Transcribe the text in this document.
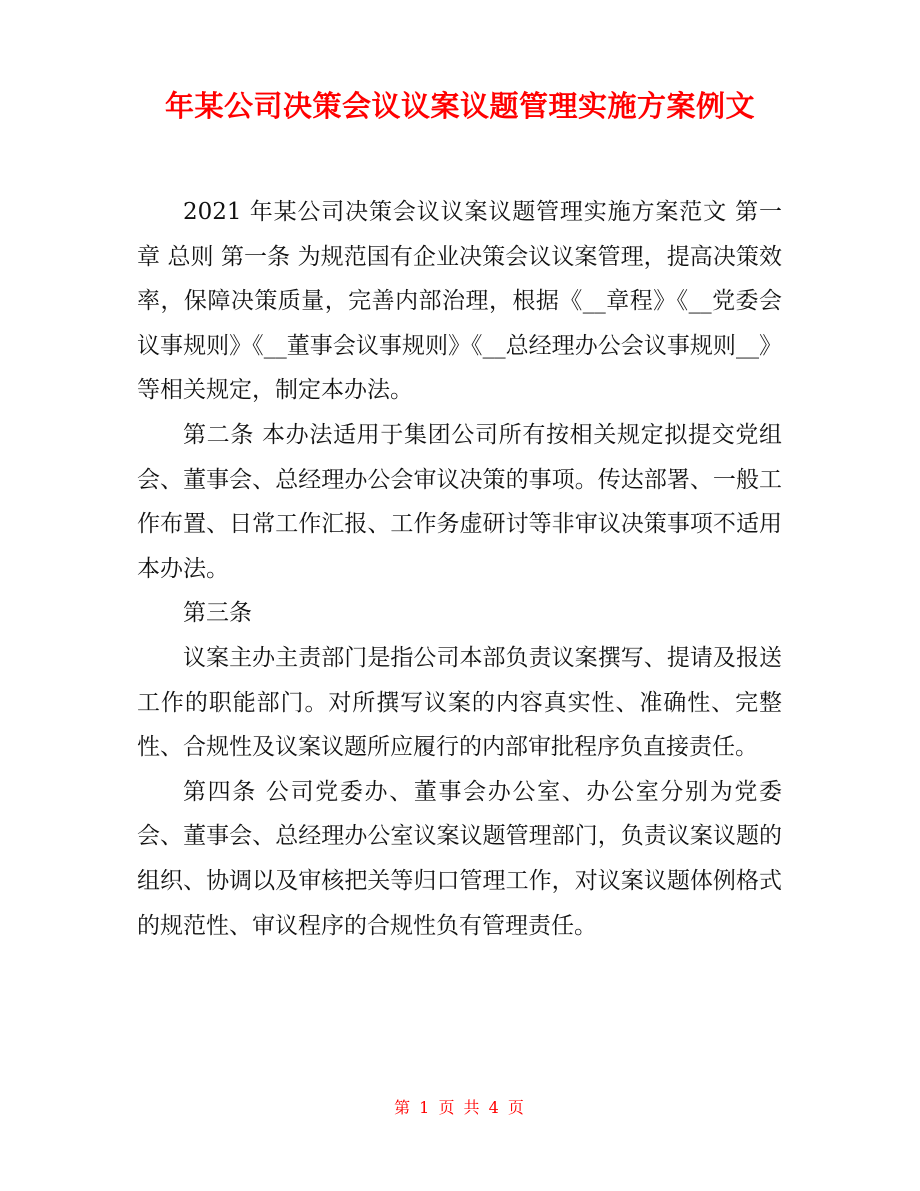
年某公司决策会议议案议题管理实施方案例文

2021 年某公司决策会议议案议题管理实施方案范文 第一章 总则 第一条 为规范国有企业决策会议议案管理，提高决策效率，保障决策质量，完善内部治理，根据《__章程》《__党委会议事规则》《__董事会议事规则》《__总经理办公会议事规则__》等相关规定，制定本办法。

第二条 本办法适用于集团公司所有按相关规定拟提交党组会、董事会、总经理办公会审议决策的事项。传达部署、一般工作布置、日常工作汇报、工作务虚研讨等非审议决策事项不适用本办法。

第三条

议案主办主责部门是指公司本部负责议案撰写、提请及报送工作的职能部门。对所撰写议案的内容真实性、准确性、完整性、合规性及议案议题所应履行的内部审批程序负直接责任。

第四条 公司党委办、董事会办公室、办公室分别为党委会、董事会、总经理办公室议案议题管理部门，负责议案议题的组织、协调以及审核把关等归口管理工作，对议案议题体例格式的规范性、审议程序的合规性负有管理责任。

第 1 页 共 4 页
